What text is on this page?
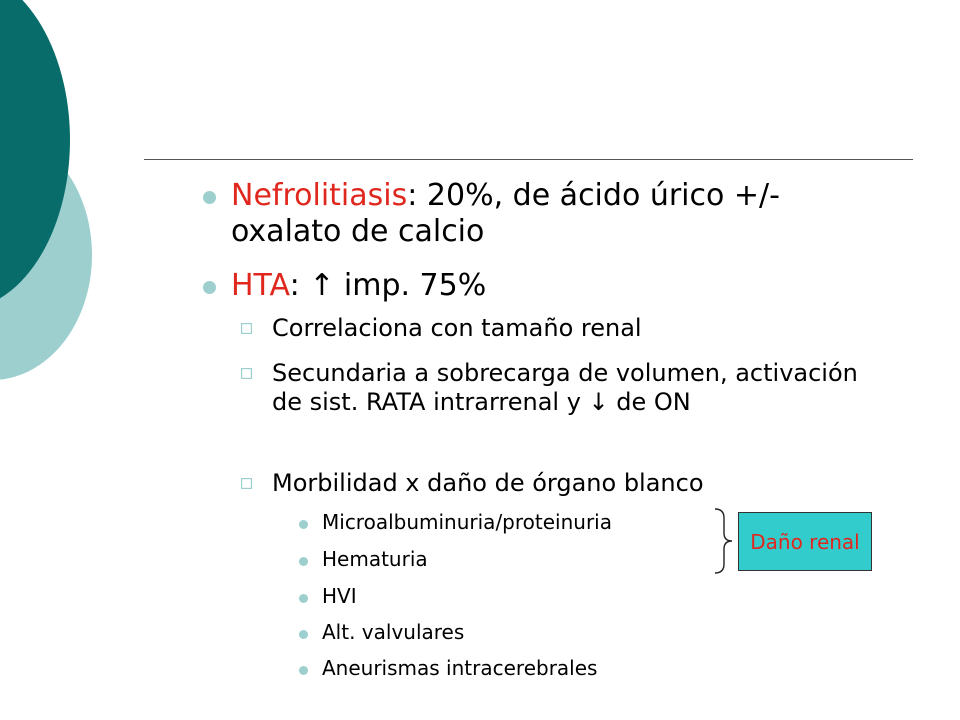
Nefrolitiasis: 20%, de ácido úrico +/- oxalato de calcio

HTA: ↑ imp. 75%

Correlaciona con tamaño renal

Secundaria a sobrecarga de volumen, activación de sist. RATA intrarrenal y ↓ de ON

Morbilidad x daño de órgano blanco

Microalbuminuria/proteinuria

Hematuria

HVI

Alt. valvulares

Aneurismas intracerebrales

Daño renal
